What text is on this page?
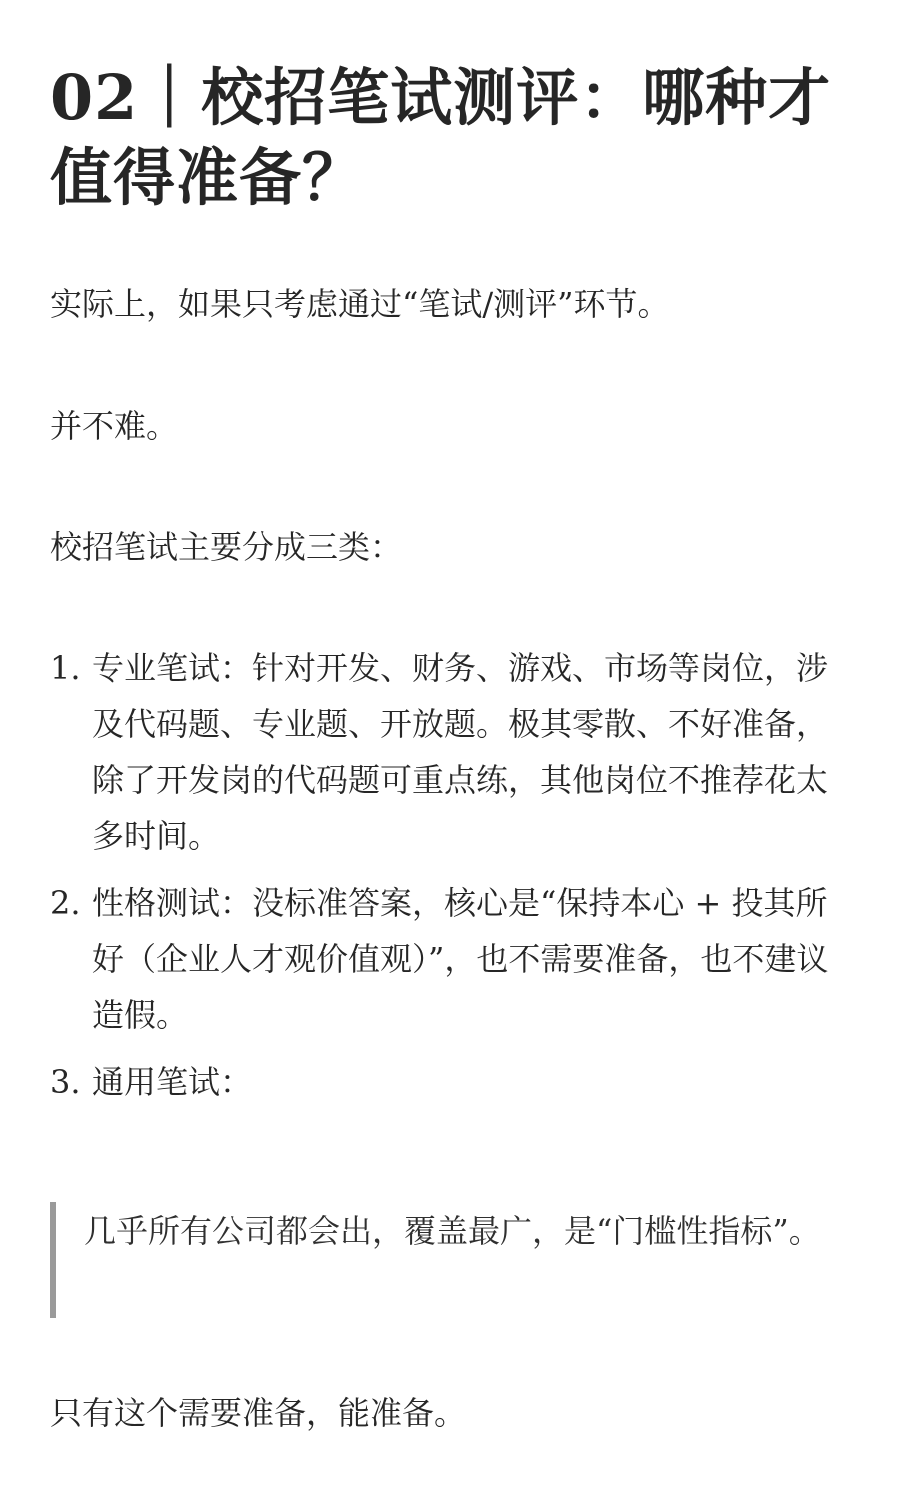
02｜校招笔试测评：哪种才值得准备？

实际上，如果只考虑通过“笔试/测评”环节。

并不难。

校招笔试主要分成三类：

1. 专业笔试：针对开发、财务、游戏、市场等岗位，涉及代码题、专业题、开放题。极其零散、不好准备，除了开发岗的代码题可重点练，其他岗位不推荐花太多时间。
2. 性格测试：没标准答案，核心是“保持本心 + 投其所好（企业人才观价值观）”，也不需要准备，也不建议造假。
3. 通用笔试：
几乎所有公司都会出，覆盖最广，是“门槛性指标”。

只有这个需要准备，能准备。
